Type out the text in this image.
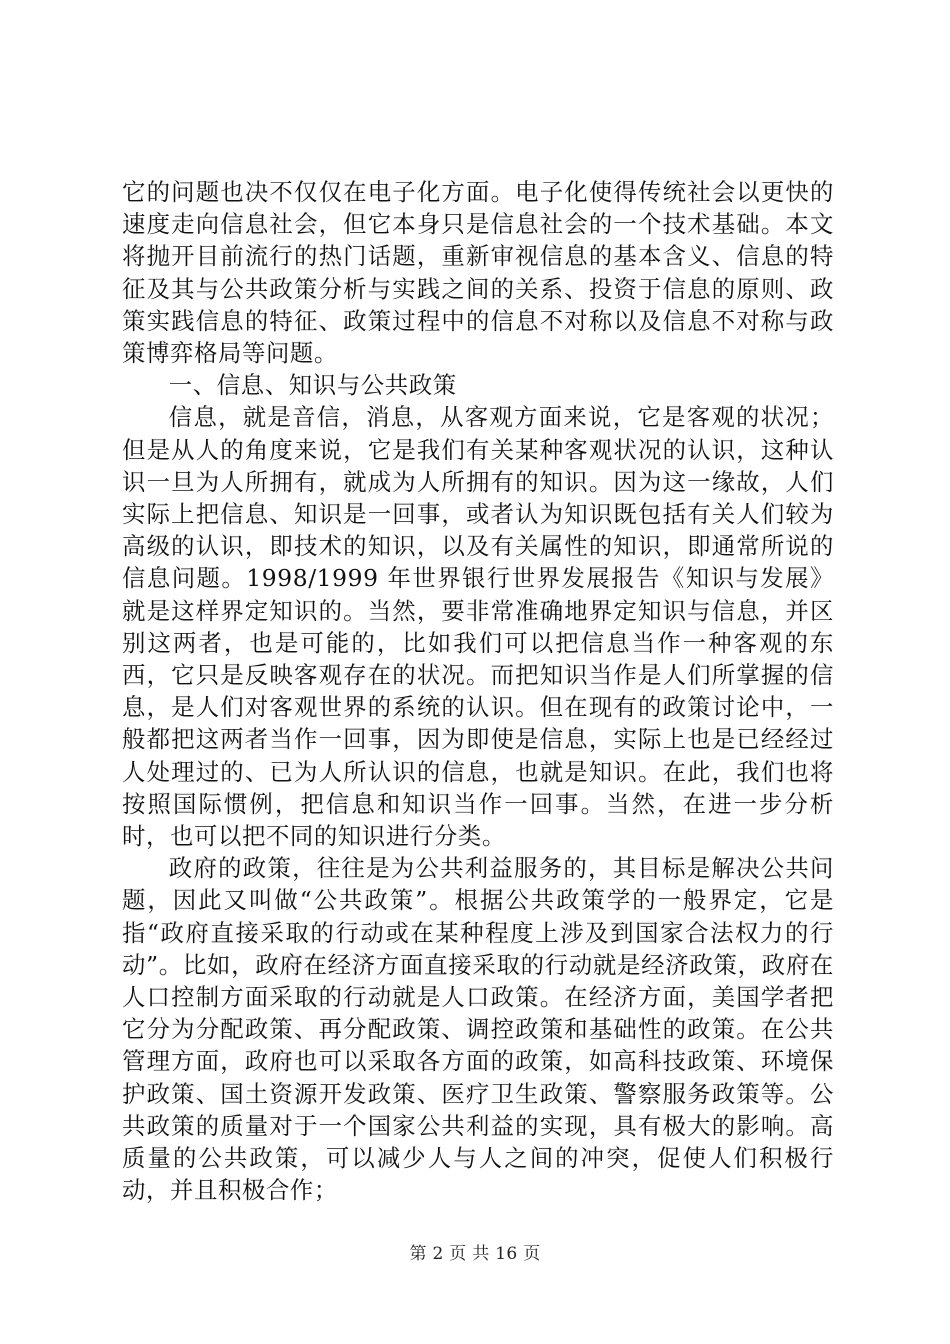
它的问题也决不仅仅在电子化方面。电子化使得传统社会以更快的速度走向信息社会，但它本身只是信息社会的一个技术基础。本文将抛开目前流行的热门话题，重新审视信息的基本含义、信息的特征及其与公共政策分析与实践之间的关系、投资于信息的原则、政策实践信息的特征、政策过程中的信息不对称以及信息不对称与政策博弈格局等问题。

一、信息、知识与公共政策

信息，就是音信，消息，从客观方面来说，它是客观的状况；但是从人的角度来说，它是我们有关某种客观状况的认识，这种认识一旦为人所拥有，就成为人所拥有的知识。因为这一缘故，人们实际上把信息、知识是一回事，或者认为知识既包括有关人们较为高级的认识，即技术的知识，以及有关属性的知识，即通常所说的信息问题。1998/1999 年世界银行世界发展报告《知识与发展》就是这样界定知识的。当然，要非常准确地界定知识与信息，并区别这两者，也是可能的，比如我们可以把信息当作一种客观的东西，它只是反映客观存在的状况。而把知识当作是人们所掌握的信息，是人们对客观世界的系统的认识。但在现有的政策讨论中，一般都把这两者当作一回事，因为即使是信息，实际上也是已经经过人处理过的、已为人所认识的信息，也就是知识。在此，我们也将按照国际惯例，把信息和知识当作一回事。当然，在进一步分析时，也可以把不同的知识进行分类。

政府的政策，往往是为公共利益服务的，其目标是解决公共问题，因此又叫做“公共政策”。根据公共政策学的一般界定，它是指“政府直接采取的行动或在某种程度上涉及到国家合法权力的行动”。比如，政府在经济方面直接采取的行动就是经济政策，政府在人口控制方面采取的行动就是人口政策。在经济方面，美国学者把它分为分配政策、再分配政策、调控政策和基础性的政策。在公共管理方面，政府也可以采取各方面的政策，如高科技政策、环境保护政策、国土资源开发政策、医疗卫生政策、警察服务政策等。公共政策的质量对于一个国家公共利益的实现，具有极大的影响。高质量的公共政策，可以减少人与人之间的冲突，促使人们积极行动，并且积极合作；

第 2 页 共 16 页
